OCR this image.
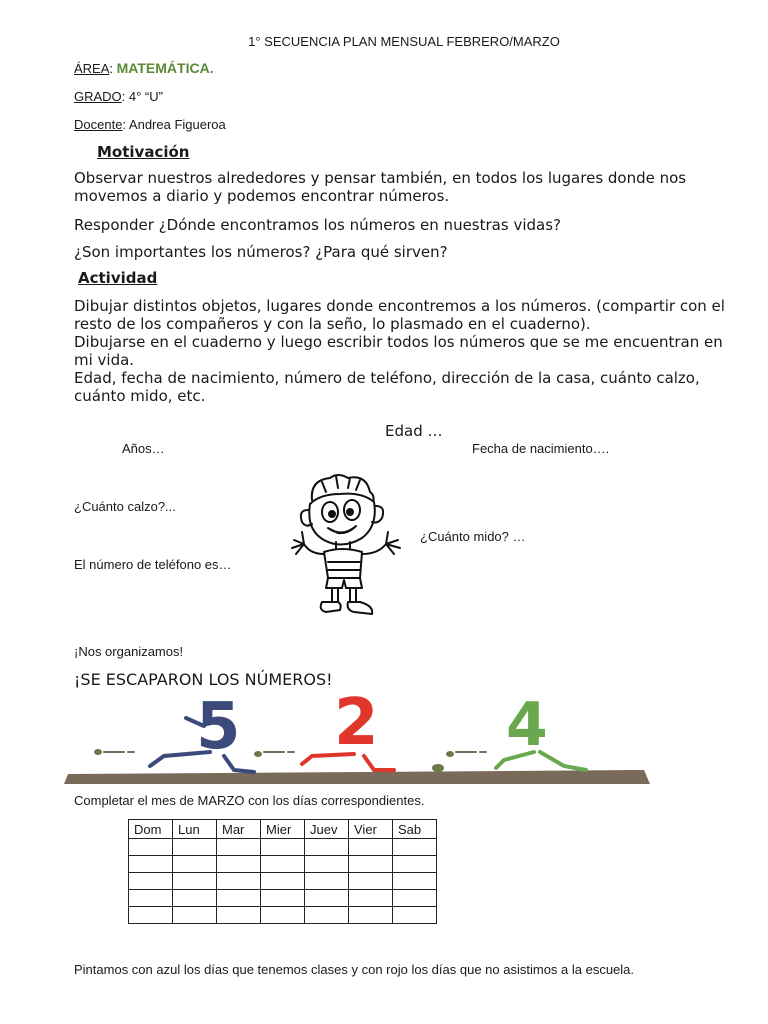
1° SECUENCIA PLAN MENSUAL FEBRERO/MARZO
ÁREA: MATEMÁTICA.
GRADO: 4° “U”
Docente: Andrea Figueroa
Motivación
Observar nuestros alrededores y pensar también, en todos los lugares donde nos movemos a diario y podemos encontrar números.
Responder ¿Dónde encontramos los números en nuestras vidas?
¿Son importantes los números? ¿Para qué sirven?
Actividad
Dibujar distintos objetos, lugares donde encontremos a los números. (compartir con el resto de los compañeros y con la seño, lo plasmado en el cuaderno).
Dibujarse en el cuaderno y luego escribir todos los números que se me encuentran en mi vida.
Edad, fecha de nacimiento, número de teléfono, dirección de la casa, cuánto calzo, cuánto mido, etc.
Edad …
Años…	Fecha de nacimiento….
¿Cuánto calzo?...
¿Cuánto mido? …
El número de teléfono es…
¡Nos organizamos!
¡SE ESCAPARON LOS NÚMEROS!
5 2 4
Completar el mes de MARZO con los días correspondientes.
Dom	Lun	Mar	Mier	Juev	Vier	Sab

Pintamos con azul los días que tenemos clases y con rojo los días que no asistimos a la escuela.
